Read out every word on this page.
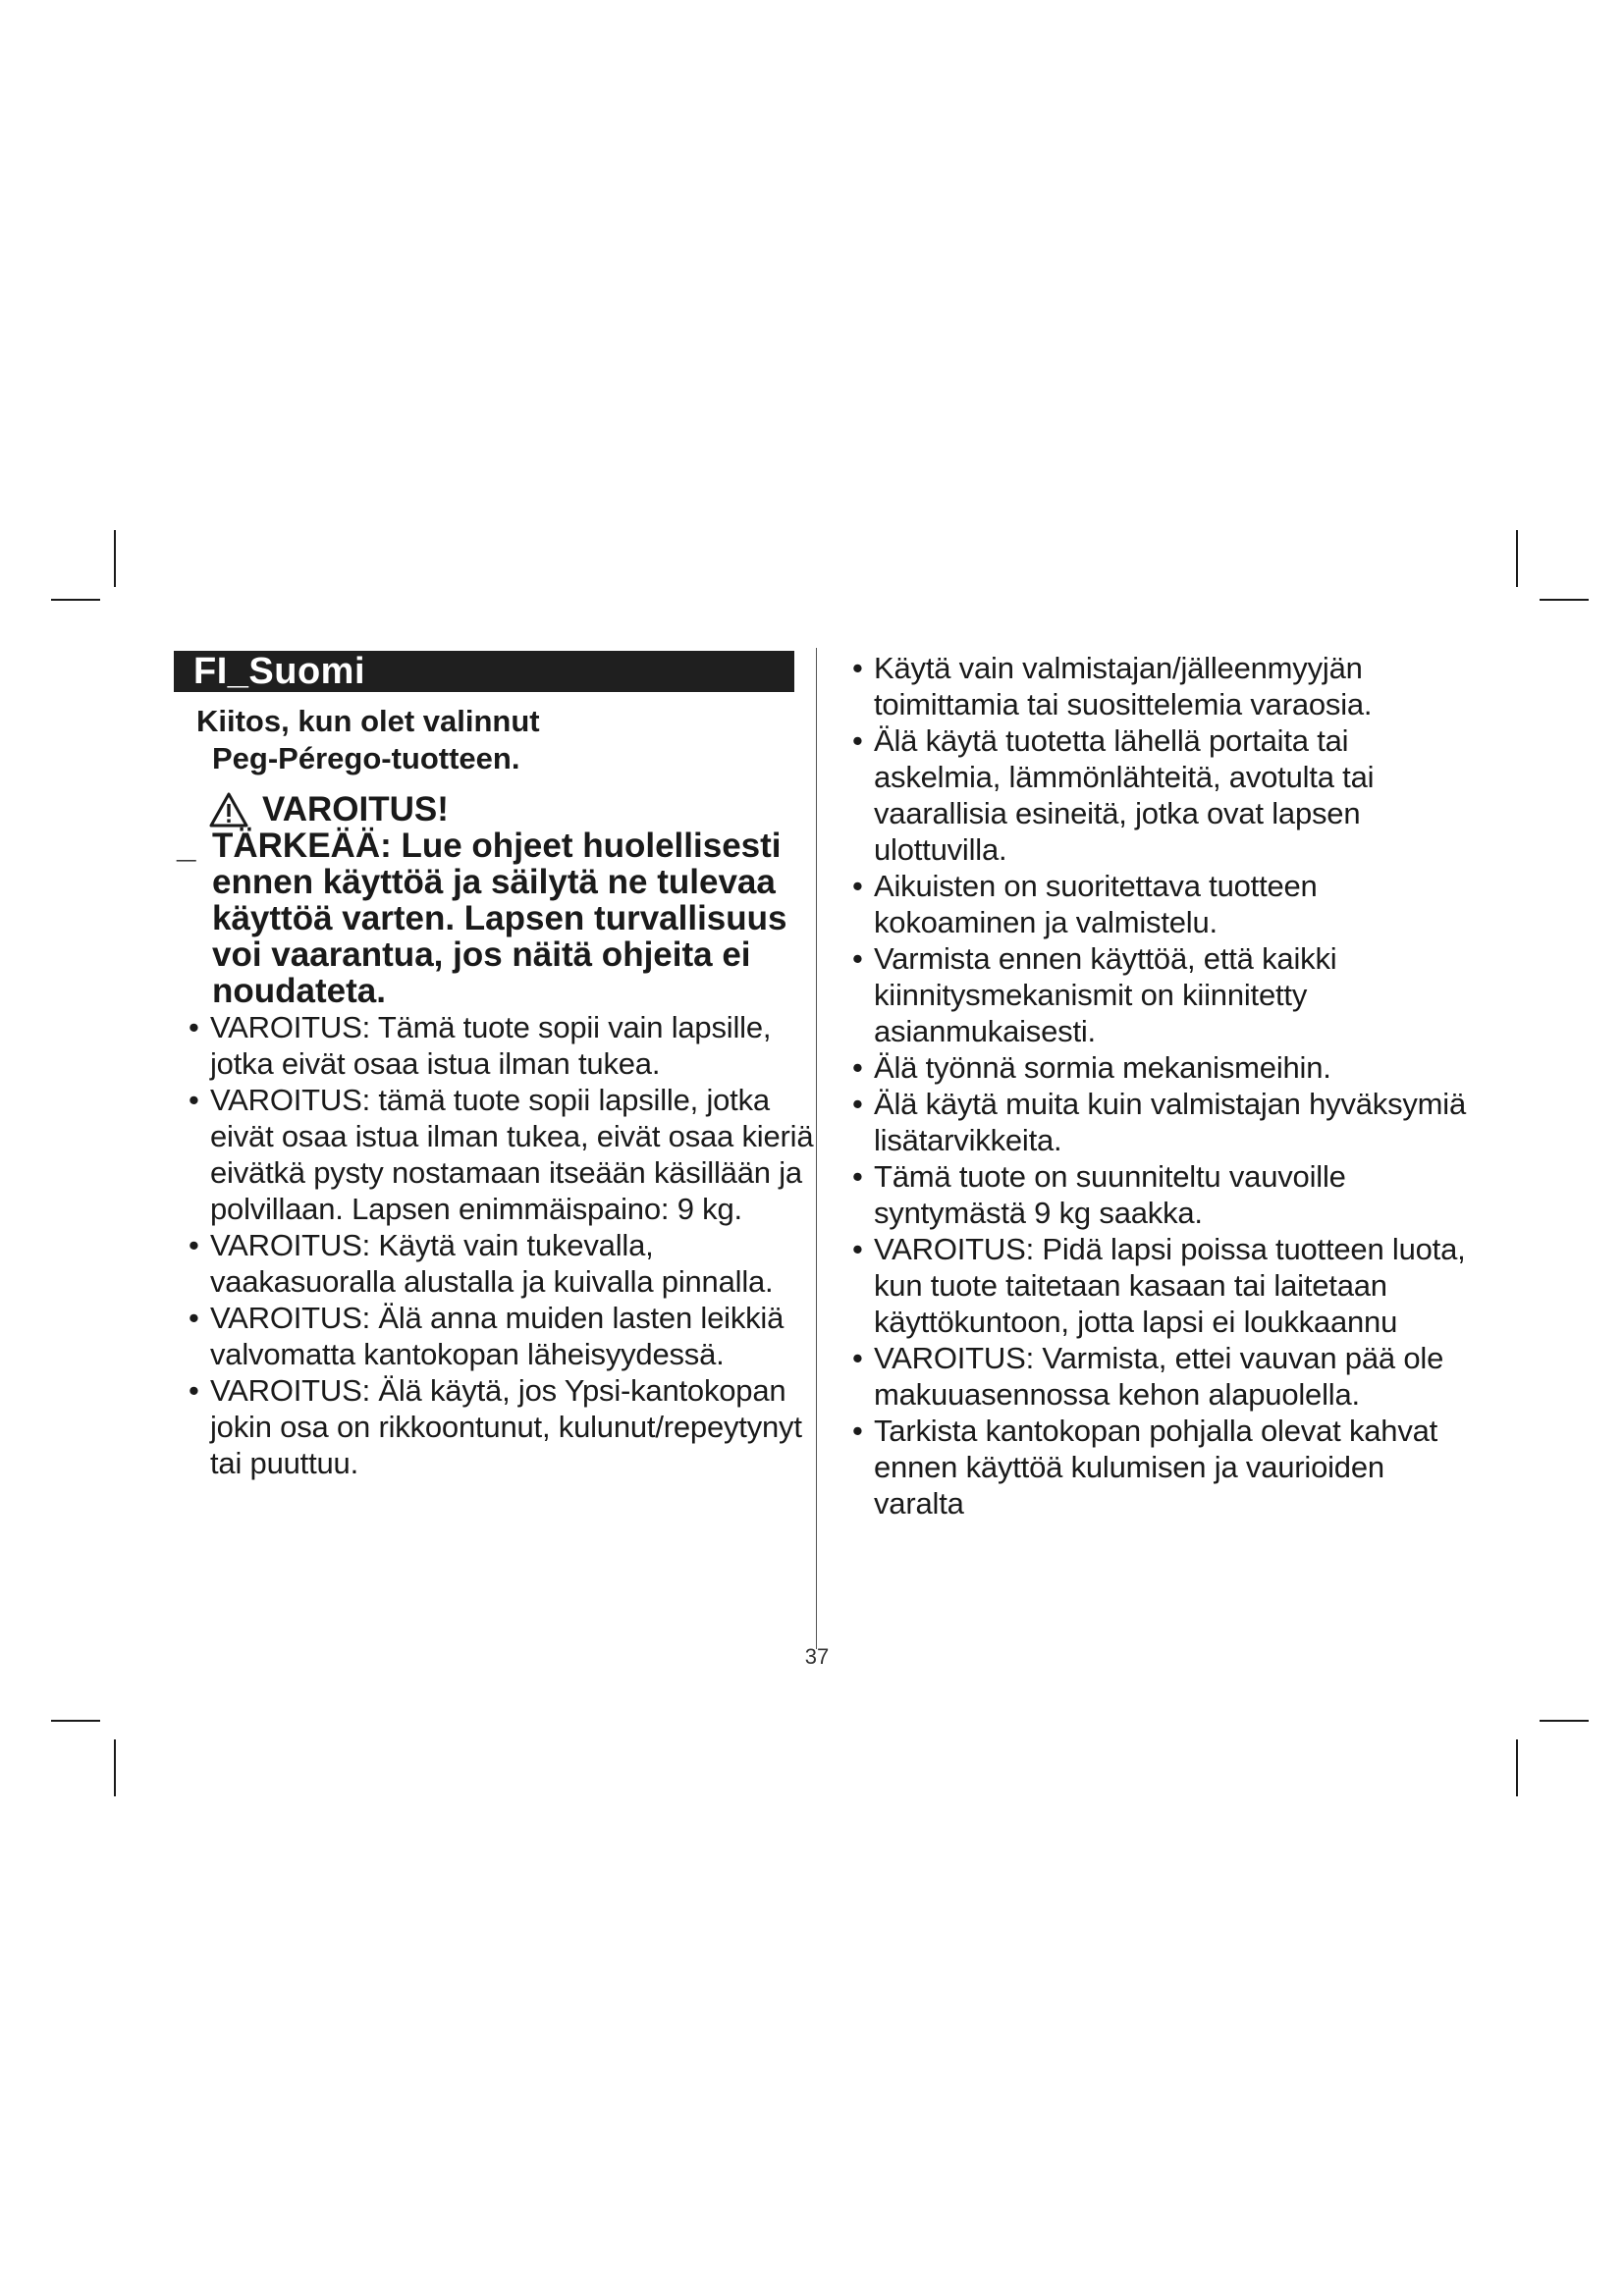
FI_Suomi
Kiitos, kun olet valinnut
Peg-Pérego-tuotteen.
VAROITUS!
_ TÄRKEÄÄ: Lue ohjeet huolellisesti ennen käyttöä ja säilytä ne tulevaa käyttöä varten. Lapsen turvallisuus voi vaarantua, jos näitä ohjeita ei noudateta.
• VAROITUS: Tämä tuote sopii vain lapsille, jotka eivät osaa istua ilman tukea.
• VAROITUS: tämä tuote sopii lapsille, jotka eivät osaa istua ilman tukea, eivät osaa kieriä eivätkä pysty nostamaan itseään käsillään ja polvillaan. Lapsen enimmäispaino: 9 kg.
• VAROITUS: Käytä vain tukevalla, vaakasuoralla alustalla ja kuivalla pinnalla.
• VAROITUS: Älä anna muiden lasten leikkiä valvomatta kantokopan läheisyydessä.
• VAROITUS: Älä käytä, jos Ypsi-kantokopan jokin osa on rikkoontunut, kulunut/repeytynyt tai puuttuu.
• Käytä vain valmistajan/jälleenmyyjän toimittamia tai suosittelemia varaosia.
• Älä käytä tuotetta lähellä portaita tai askelmia, lämmönlähteitä, avotulta tai vaarallisia esineitä, jotka ovat lapsen ulottuvilla.
• Aikuisten on suoritettava tuotteen kokoaminen ja valmistelu.
• Varmista ennen käyttöä, että kaikki kiinnitysmekanismit on kiinnitetty asianmukaisesti.
• Älä työnnä sormia mekanismeihin.
• Älä käytä muita kuin valmistajan hyväksymiä lisätarvikkeita.
• Tämä tuote on suunniteltu vauvoille syntymästä 9 kg saakka.
• VAROITUS: Pidä lapsi poissa tuotteen luota, kun tuote taitetaan kasaan tai laitetaan käyttökuntoon, jotta lapsi ei loukkaannu
• VAROITUS: Varmista, ettei vauvan pää ole makuuasennossa kehon alapuolella.
• Tarkista kantokopan pohjalla olevat kahvat ennen käyttöä kulumisen ja vaurioiden varalta
37
